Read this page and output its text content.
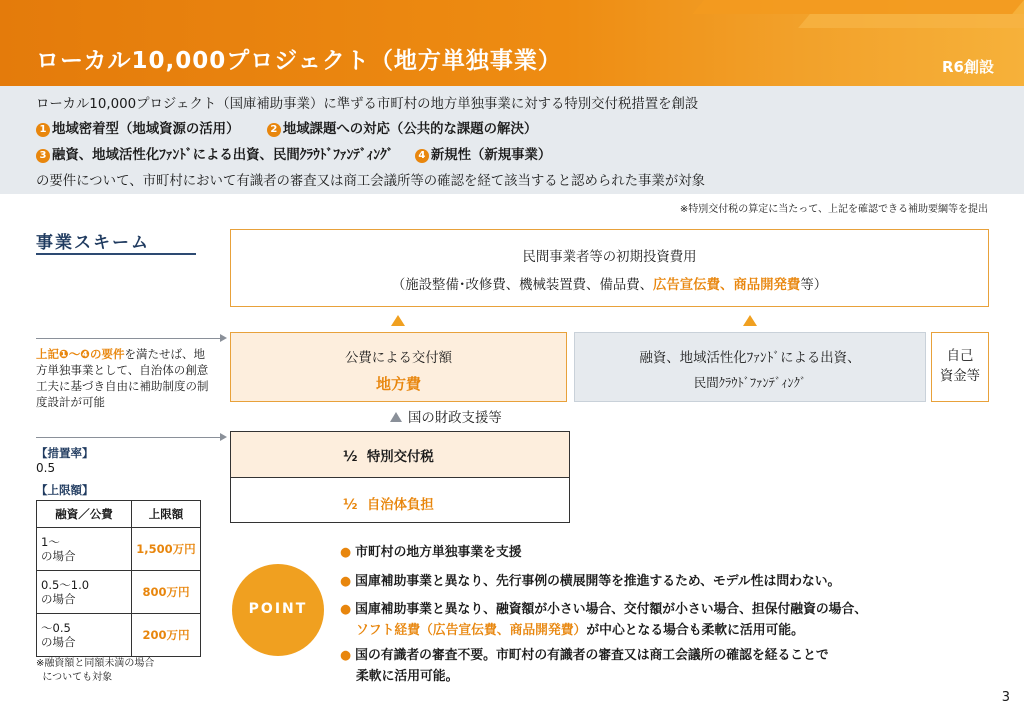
ローカル10,000プロジェクト（地方単独事業）	R6創設
ローカル10,000プロジェクト（国庫補助事業）に準ずる市町村の地方単独事業に対する特別交付税措置を創設
1 地域密着型（地域資源の活用）	2 地域課題への対応（公共的な課題の解決）
3 融資、地域活性化ﾌｧﾝﾄﾞによる出資、民間ｸﾗｳﾄﾞﾌｧﾝﾃﾞｨﾝｸﾞ 4 新規性（新規事業）
の要件について、市町村において有識者の審査又は商工会議所等の確認を経て該当すると認められた事業が対象
※特別交付税の算定に当たって、上記を確認できる補助要綱等を提出
事業スキーム
民間事業者等の初期投資費用
（施設整備･改修費、機械装置費、備品費、広告宣伝費、商品開発費等）
公費による交付額
地方費
融資、地域活性化ﾌｧﾝﾄﾞによる出資、
民間ｸﾗｳﾄﾞﾌｧﾝﾃﾞｨﾝｸﾞ
自己
資金等
国の財政支援等
½ 特別交付税
½ 自治体負担
上記❶～❹の要件を満たせば、地方単独事業として、自治体の創意工夫に基づき自由に補助制度の制度設計が可能
【措置率】
0.5
【上限額】
融資／公費	上限額
1～
の場合	1,500万円
0.5～1.0
の場合	800万円
～0.5
の場合	200万円
※融資額と同額未満の場合
についても対象
POINT
● 市町村の地方単独事業を支援
● 国庫補助事業と異なり、先行事例の横展開等を推進するため、モデル性は問わない。
● 国庫補助事業と異なり、融資額が小さい場合、交付額が小さい場合、担保付融資の場合、
ソフト経費（広告宣伝費、商品開発費）が中心となる場合も柔軟に活用可能。
● 国の有識者の審査不要。市町村の有識者の審査又は商工会議所の確認を経ることで
柔軟に活用可能。
3
